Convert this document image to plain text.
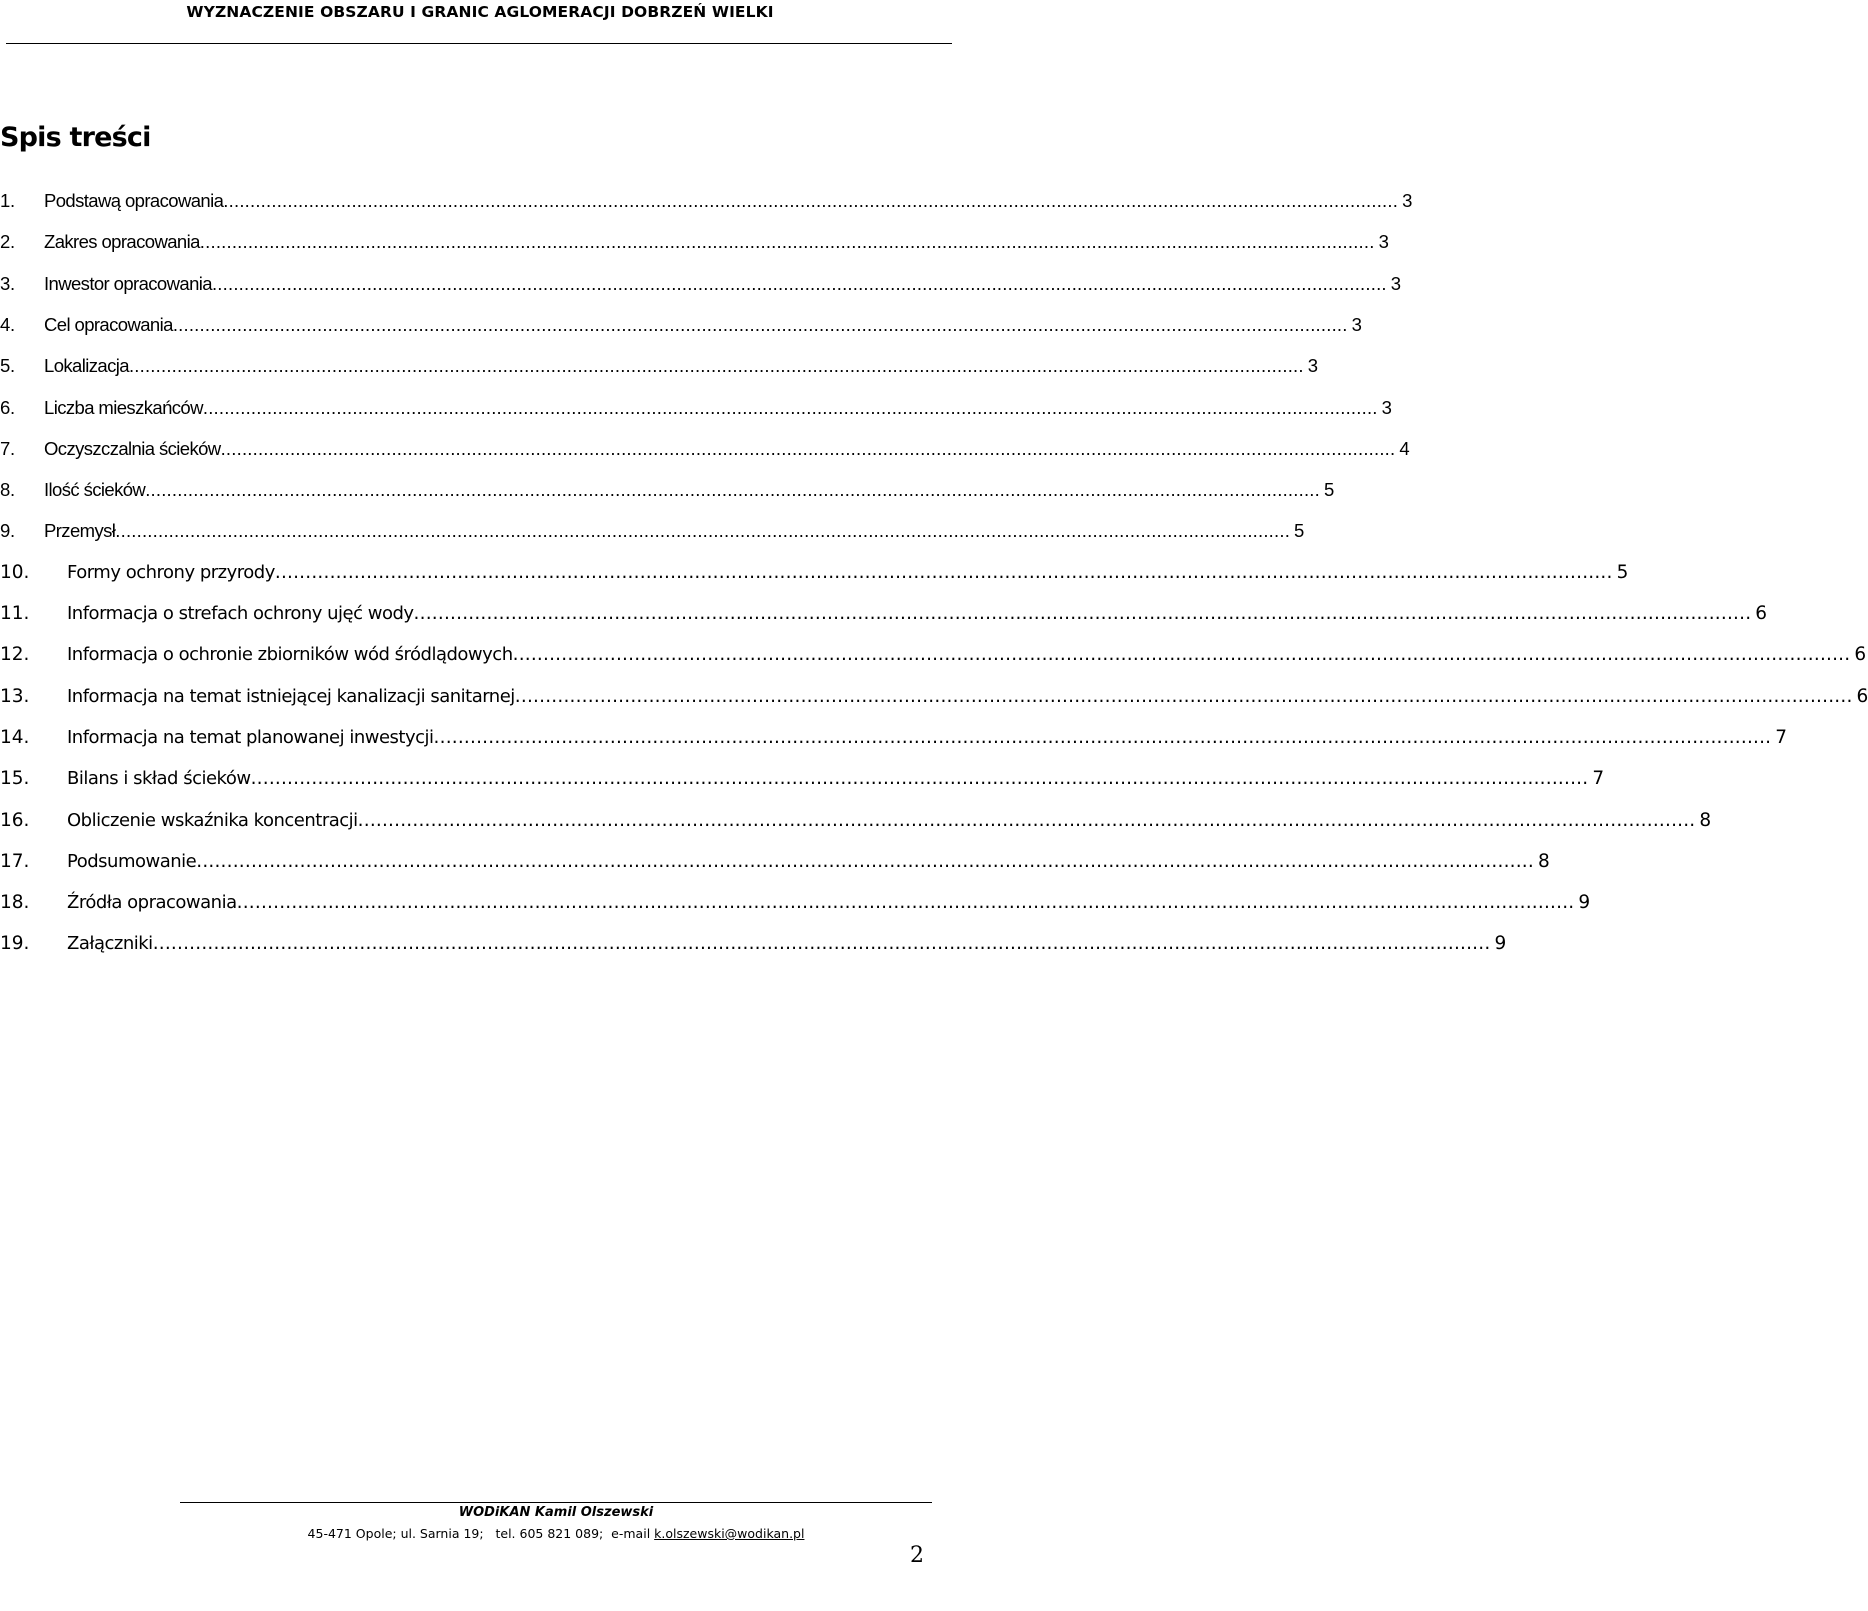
WYZNACZENIE OBSZARU I GRANIC AGLOMERACJI DOBRZEŃ WIELKI
Spis treści
1.	Podstawą opracowania ............................................................................................................................................................................................................................ 3
2.	Zakres opracowania ............................................................................................................................................................................................................................ 3
3.	Inwestor opracowania ............................................................................................................................................................................................................................ 3
4.	Cel opracowania ............................................................................................................................................................................................................................ 3
5.	Lokalizacja ............................................................................................................................................................................................................................ 3
6.	Liczba mieszkańców ............................................................................................................................................................................................................................ 3
7.	Oczyszczalnia ścieków ............................................................................................................................................................................................................................ 4
8.	Ilość ścieków ............................................................................................................................................................................................................................ 5
9.	Przemysł ............................................................................................................................................................................................................................ 5
10.	Formy ochrony przyrody ............................................................................................................................................................................................................................ 5
11.	Informacja o strefach ochrony ujęć wody ............................................................................................................................................................................................................................ 6
12.	Informacja o ochronie zbiorników wód śródlądowych ............................................................................................................................................................................................................................ 6
13.	Informacja na temat istniejącej kanalizacji sanitarnej ............................................................................................................................................................................................................................ 6
14.	Informacja na temat planowanej inwestycji ............................................................................................................................................................................................................................ 7
15.	Bilans i skład ścieków ............................................................................................................................................................................................................................ 7
16.	Obliczenie wskaźnika koncentracji ............................................................................................................................................................................................................................ 8
17.	Podsumowanie ............................................................................................................................................................................................................................ 8
18.	Źródła opracowania ............................................................................................................................................................................................................................ 9
19.	Załączniki ............................................................................................................................................................................................................................ 9
WODiKAN Kamil Olszewski
45-471 Opole; ul. Sarnia 19;   tel. 605 821 089;  e-mail k.olszewski@wodikan.pl
2
